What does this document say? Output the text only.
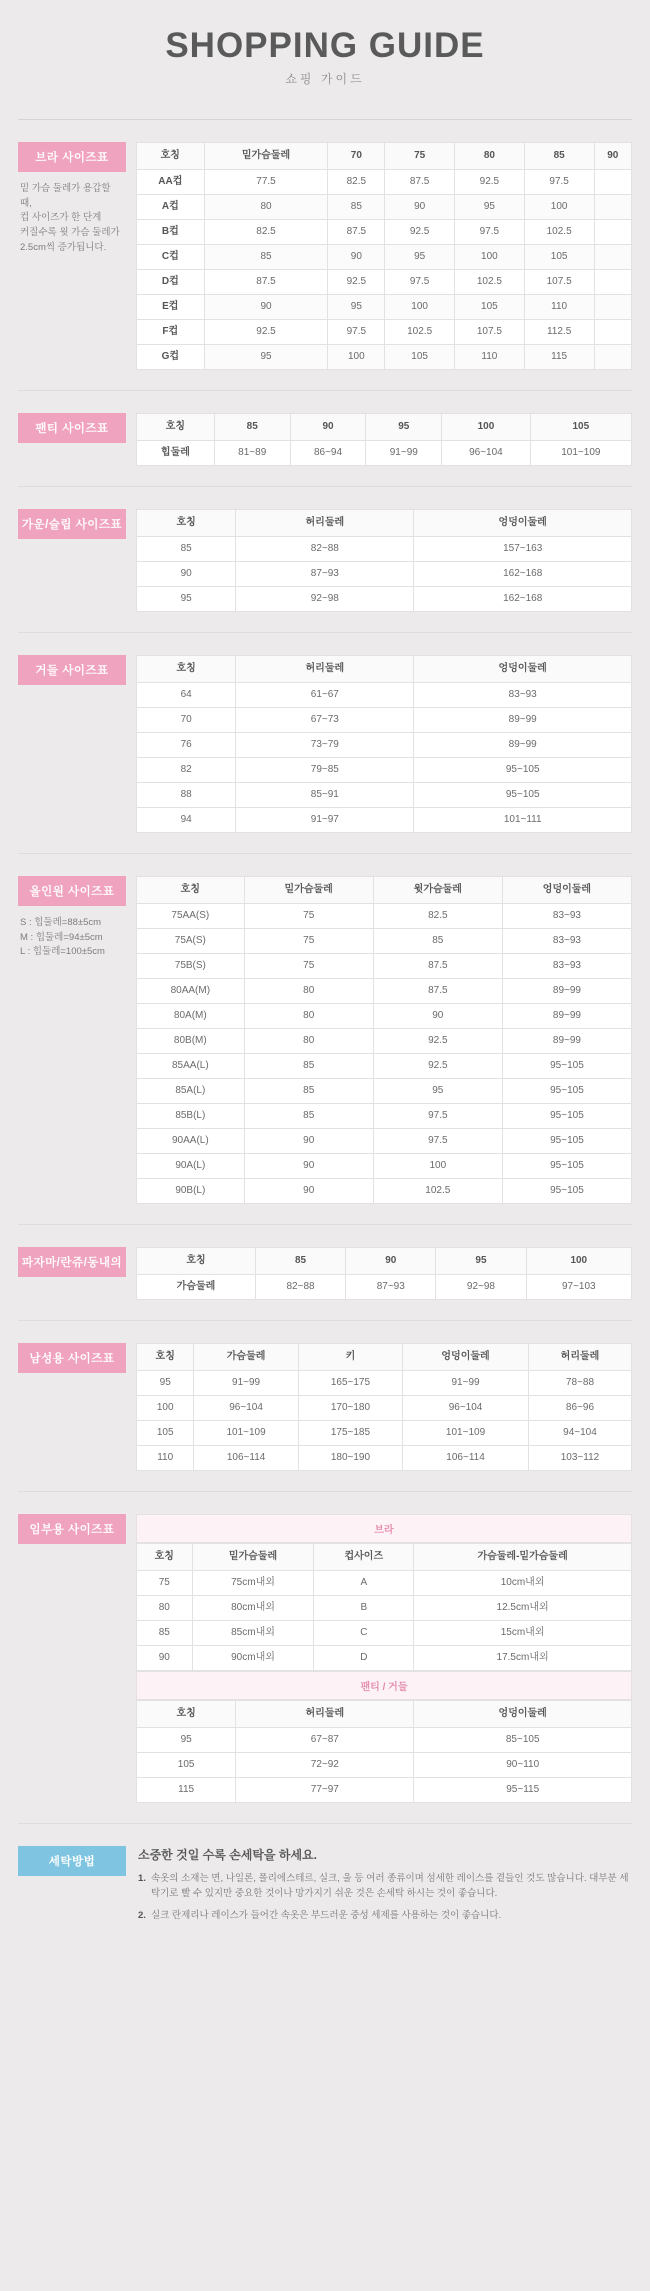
SHOPPING GUIDE
쇼핑 가이드
브라 사이즈표
밑 가슴 둘레가 용갑할 때,
컵 사이즈가 한 단계
커질수록 윗 가슴 둘레가
2.5cm씩 증가됩니다.
호칭	밑가슴둘레	70	75	80	85	90
AA컵	77.5	82.5	87.5	92.5	97.5	
A컵	80	85	90	95	100	
B컵	82.5	87.5	92.5	97.5	102.5	
C컵	85	90	95	100	105	
D컵	87.5	92.5	97.5	102.5	107.5	
E컵	90	95	100	105	110	
F컵	92.5	97.5	102.5	107.5	112.5	
G컵	95	100	105	110	115	
팬티 사이즈표	호칭	85	90	95	100	105
힙둘레	81~89	86~94	91~99	96~104	101~109
가운/슬립 사이즈표	호칭	허리둘레	엉덩이둘레
85	82~88	157~163
90	87~93	162~168
95	92~98	162~168
거들 사이즈표	호칭	허리둘레	엉덩이둘레
64	61~67	83~93
70	67~73	89~99
76	73~79	89~99
82	79~85	95~105
88	85~91	95~105
94	91~97	101~111
올인원 사이즈표
S : 힙둘레=88±5cm
M : 힙둘레=94±5cm
L : 힙둘레=100±5cm
호칭	밑가슴둘레	윗가슴둘레	엉덩이둘레
75AA(S)	75	82.5	83~93
75A(S)	75	85	83~93
75B(S)	75	87.5	83~93
80AA(M)	80	87.5	89~99
80A(M)	80	90	89~99
80B(M)	80	92.5	89~99
85AA(L)	85	92.5	95~105
85A(L)	85	95	95~105
85B(L)	85	97.5	95~105
90AA(L)	90	97.5	95~105
90A(L)	90	100	95~105
90B(L)	90	102.5	95~105
파자마/란쥬/동내의	호칭	85	90	95	100
가슴둘레	82~88	87~93	92~98	97~103
남성용 사이즈표	호칭	가슴둘레	키	엉덩이둘레	허리둘레
95	91~99	165~175	91~99	78~88
100	96~104	170~180	96~104	86~96
105	101~109	175~185	101~109	94~104
110	106~114	180~190	106~114	103~112
임부용 사이즈표	브라
호칭	밑가슴둘레	컵사이즈	가슴둘레-밑가슴둘레
75	75cm내외	A	10cm내외
80	80cm내외	B	12.5cm내외
85	85cm내외	C	15cm내외
90	90cm내외	D	17.5cm내외
팬티 / 거들
호칭	허리둘레	엉덩이둘레
95	67~87	85~105
105	72~92	90~110
115	77~97	95~115
세탁방법	소중한 것일 수록 손세탁을 하세요.
1. 속옷의 소재는 면, 나일론, 폴리에스테르, 실크, 울 등 여러 종류이며 섬세한 레이스를 곁들인 것도 많습니다. 대부분 세탁기로 빨 수 있지만 중요한 것이나 망가지기 쉬운 것은 손세탁 하시는 것이 좋습니다.
2. 실크 란제리나 레이스가 들어간 속옷은 부드러운 중성 세제를 사용하는 것이 좋습니다.
